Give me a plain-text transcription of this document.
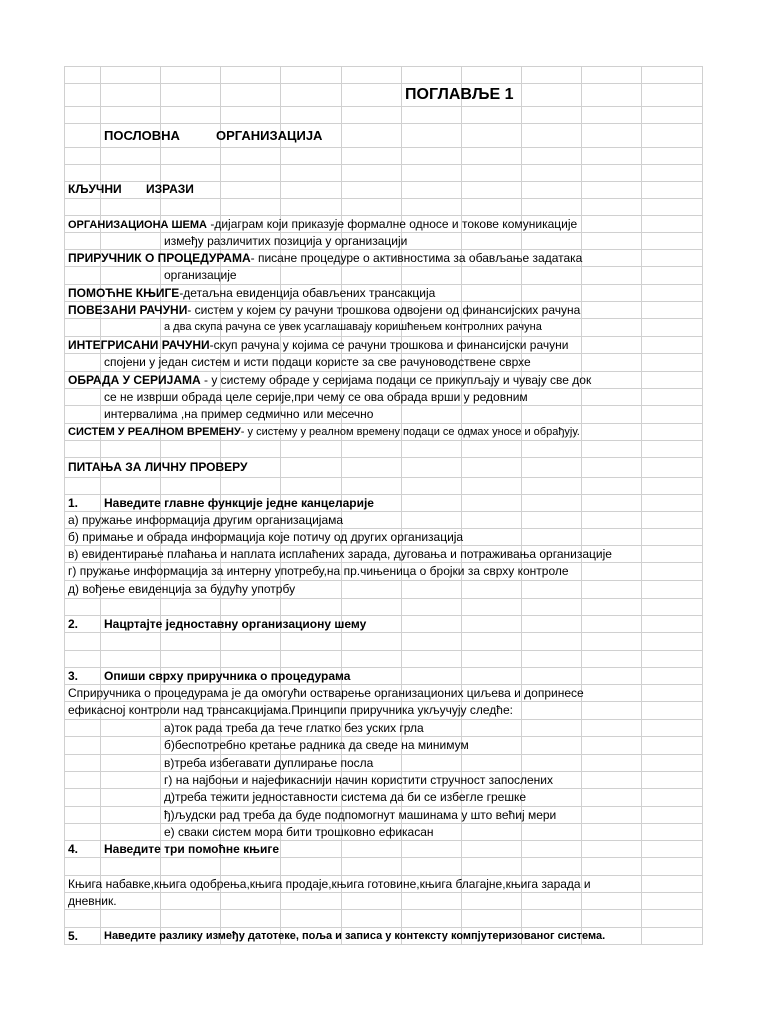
ПОГЛАВЉЕ 1
ПОСЛОВНА	ОРГАНИЗАЦИЈА
КЉУЧНИ ИЗРАЗИ
ОРГАНИЗАЦИОНА ШЕМА -дијаграм који приказује формалне односе и токове комуникације
између различитих позиција у организацији
ПРИРУЧНИК О ПРОЦЕДУРАМА- писане процедуре о активностима за обављање задатака
организације
ПОМОЋНЕ КЊИГЕ-детаљна евиденција обављених трансакција
ПОВЕЗАНИ РАЧУНИ- систем у којем су рачуни трошкова одвојени од финансијских рачуна
а два скупа рачуна се увек усаглашавају коришћењем контролних рачуна
ИНТЕГРИСАНИ РАЧУНИ-скуп рачуна у којима се рачуни трошкова и финансијски рачуни
спојени у један систем и исти подаци користе за све рачуноводствене сврхе
ОБРАДА У СЕРИЈАМА - у систему обраде у серијама подаци се прикупљају и чувају све док
се не изврши обрада целе серије,при чему се ова обрада врши у редовним
интервалима ,на пример седмично или месечно
СИСТЕМ У РЕАЛНОМ ВРЕМЕНУ- у систему у реалном времену подаци се одмах уносе и обрађују.
ПИТАЊА ЗА ЛИЧНУ ПРОВЕРУ
1. Наведите главне функције једне канцеларије
а) пружање информација другим организацијама
б) примање и обрада информација које потичу од других организација
в) евидентирање плаћања и наплата исплаћених зарада, дуговања и потраживања организације
г) пружање информација за интерну употребу,на пр.чињеница о бројки за сврху контроле
д) вођење евиденција за будућу употрбу
2. Нацртајте једноставну организациону шему
3. Опиши сврху приручника о процедурама
Сприручника о процедурама је да омогући остварење организационих циљева и допринесе
ефикасној контроли над трансакцијама.Принципи приручника укључују следће:
а)ток рада треба да тече глатко без уских грла
б)беспотребно кретање радника да сведе на минимум
в)треба избегавати дуплирање посла
г) на најбоњи и најефикаснији начин користити стручност запослених
д)треба тежити једноставности система да би се избегле грешке
ђ)људски рад треба да буде подпомогнут машинама у што већиј мери
е) сваки систем мора бити трошковно ефикасан
4. Наведите три помоћне књиге
Књига набавке,књига одобрења,књига продаје,књига готовине,књига благајне,књига зарада и
дневник.
5. Наведите разлику између датотеке, поља и записа у контексту компјутеризованог система.
